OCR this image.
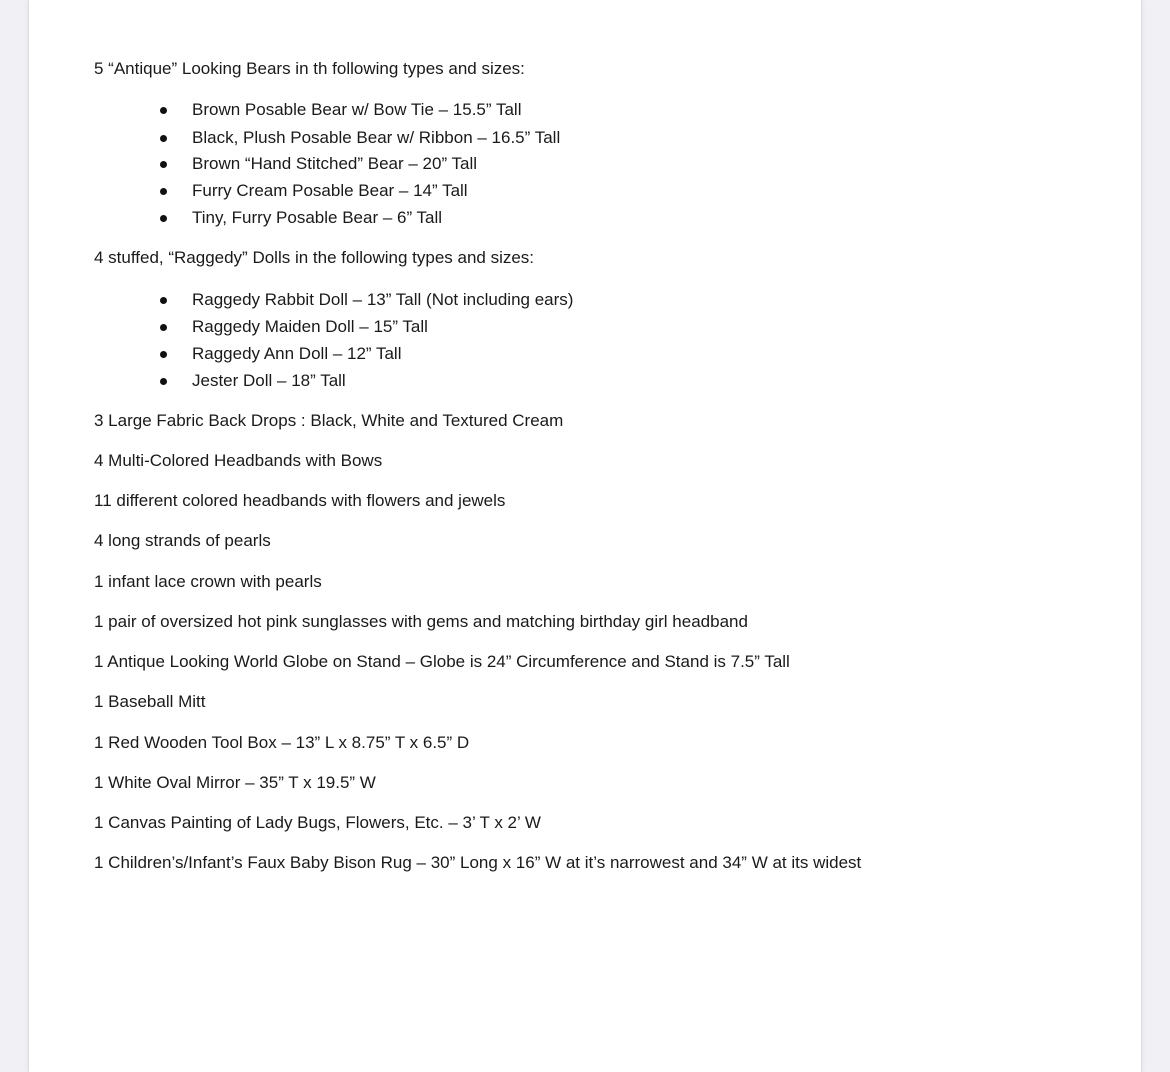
5 “Antique” Looking Bears in th following types and sizes:
Brown Posable Bear w/ Bow Tie – 15.5” Tall
Black, Plush Posable Bear w/ Ribbon – 16.5” Tall
Brown “Hand Stitched” Bear – 20” Tall
Furry Cream Posable Bear – 14” Tall
Tiny, Furry Posable Bear – 6” Tall
4 stuffed, “Raggedy” Dolls in the following types and sizes:
Raggedy Rabbit Doll – 13” Tall (Not including ears)
Raggedy Maiden Doll – 15” Tall
Raggedy Ann Doll – 12” Tall
Jester Doll – 18” Tall
3 Large Fabric Back Drops : Black, White and Textured Cream
4 Multi-Colored Headbands with Bows
11 different colored headbands with flowers and jewels
4 long strands of pearls
1 infant lace crown with pearls
1 pair of oversized hot pink sunglasses with gems and matching birthday girl headband
1 Antique Looking World Globe on Stand – Globe is 24” Circumference and Stand is 7.5” Tall
1 Baseball Mitt
1 Red Wooden Tool Box – 13” L x 8.75” T x 6.5” D
1 White Oval Mirror – 35” T x 19.5” W
1 Canvas Painting of Lady Bugs, Flowers, Etc. – 3’ T x 2’ W
1 Children’s/Infant’s Faux Baby Bison Rug – 30” Long x 16” W at it’s narrowest and 34” W at its widest
